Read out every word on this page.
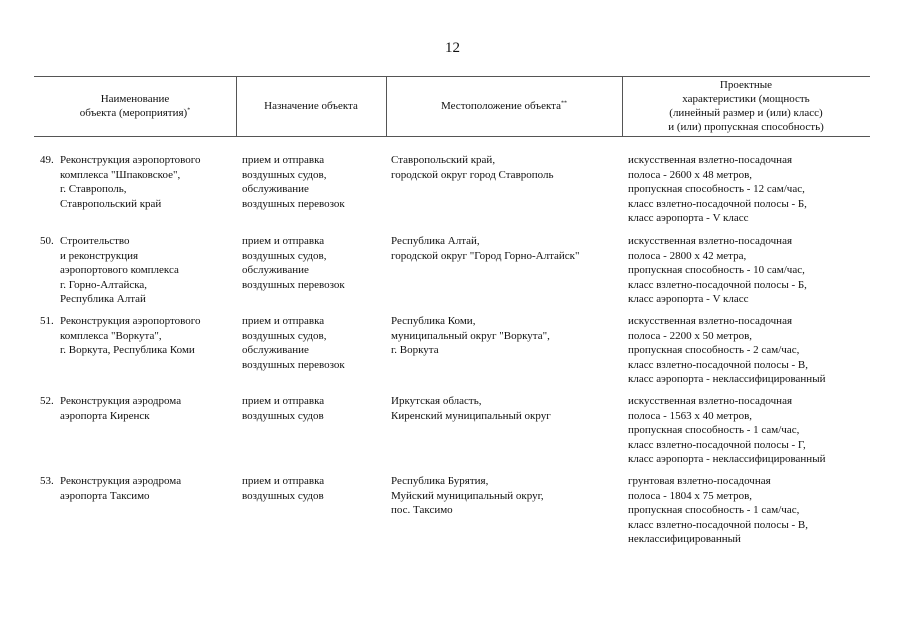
12
Наименование
объекта (мероприятия)*	Назначение объекта	Местоположение объекта**
Проектные
характеристики (мощность
(линейный размер и (или) класс)
и (или) пропускная способность)
49. Реконструкция аэропортового
комплекса "Шпаковское",
г. Ставрополь,
Ставропольский край
прием и отправка
воздушных судов,
обслуживание
воздушных перевозок
Ставропольский край,
городской округ город Ставрополь
искусственная взлетно-посадочная
полоса - 2600 x 48 метров,
пропускная способность - 12 сам/час,
класс взлетно-посадочной полосы - Б,
класс аэропорта - V класс
50. Строительство
и реконструкция
аэропортового комплекса
г. Горно-Алтайска,
Республика Алтай
прием и отправка
воздушных судов,
обслуживание
воздушных перевозок
Республика Алтай,
городской округ "Город Горно-Алтайск"
искусственная взлетно-посадочная
полоса - 2800 x 42 метра,
пропускная способность - 10 сам/час,
класс взлетно-посадочной полосы - Б,
класс аэропорта - V класс
51. Реконструкция аэропортового
комплекса "Воркута",
г. Воркута, Республика Коми
прием и отправка
воздушных судов,
обслуживание
воздушных перевозок
Республика Коми,
муниципальный округ "Воркута",
г. Воркута
искусственная взлетно-посадочная
полоса - 2200 x 50 метров,
пропускная способность - 2 сам/час,
класс взлетно-посадочной полосы - В,
класс аэропорта - неклассифицированный
52. Реконструкция аэродрома
аэропорта Киренск
прием и отправка
воздушных судов
Иркутская область,
Киренский муниципальный округ
искусственная взлетно-посадочная
полоса - 1563 x 40 метров,
пропускная способность - 1 сам/час,
класс взлетно-посадочной полосы - Г,
класс аэропорта - неклассифицированный
53. Реконструкция аэродрома
аэропорта Таксимо
прием и отправка
воздушных судов
Республика Бурятия,
Муйский муниципальный округ,
пос. Таксимо
грунтовая взлетно-посадочная
полоса - 1804 x 75 метров,
пропускная способность - 1 сам/час,
класс взлетно-посадочной полосы - В,
неклассифицированный
